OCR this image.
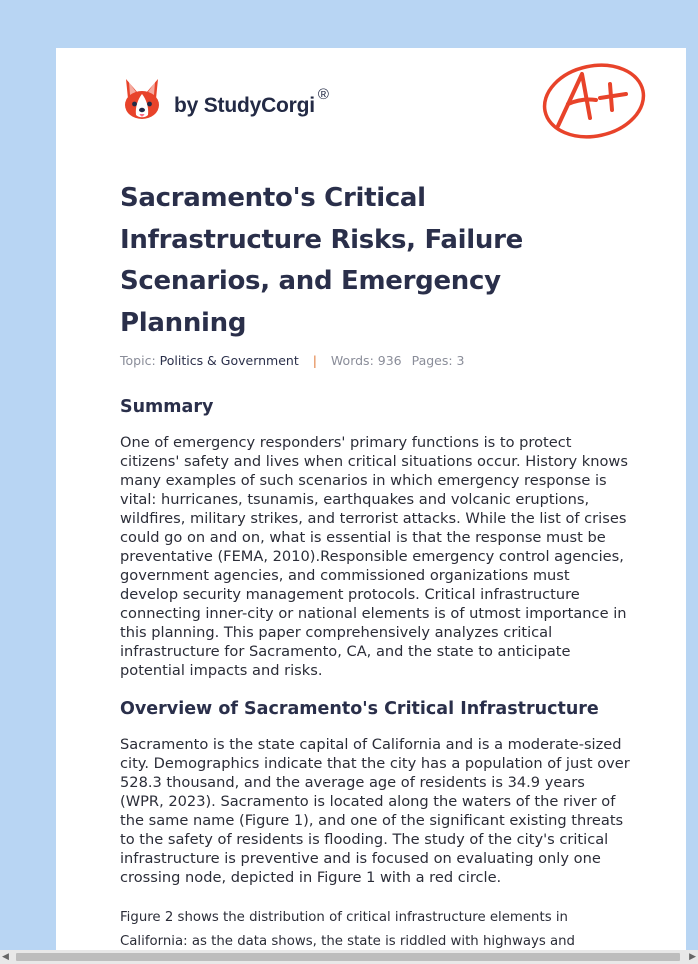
by StudyCorgi ®
Sacramento's Critical Infrastructure Risks, Failure Scenarios, and Emergency Planning
Topic: Politics & Government | Words: 936 Pages: 3
Summary

One of emergency responders' primary functions is to protect citizens' safety and lives when critical situations occur. History knows many examples of such scenarios in which emergency response is vital: hurricanes, tsunamis, earthquakes and volcanic eruptions, wildfires, military strikes, and terrorist attacks. While the list of crises could go on and on, what is essential is that the response must be preventative (FEMA, 2010).Responsible emergency control agencies, government agencies, and commissioned organizations must develop security management protocols. Critical infrastructure connecting inner-city or national elements is of utmost importance in this planning. This paper comprehensively analyzes critical infrastructure for Sacramento, CA, and the state to anticipate potential impacts and risks.

Overview of Sacramento's Critical Infrastructure

Sacramento is the state capital of California and is a moderate-sized city. Demographics indicate that the city has a population of just over 528.3 thousand, and the average age of residents is 34.9 years (WPR, 2023). Sacramento is located along the waters of the river of the same name (Figure 1), and one of the significant existing threats to the safety of residents is flooding. The study of the city's critical infrastructure is preventive and is focused on evaluating only one crossing node, depicted in Figure 1 with a red circle.

Figure 2 shows the distribution of critical infrastructure elements in California: as the data shows, the state is riddled with highways and

◀	▶
